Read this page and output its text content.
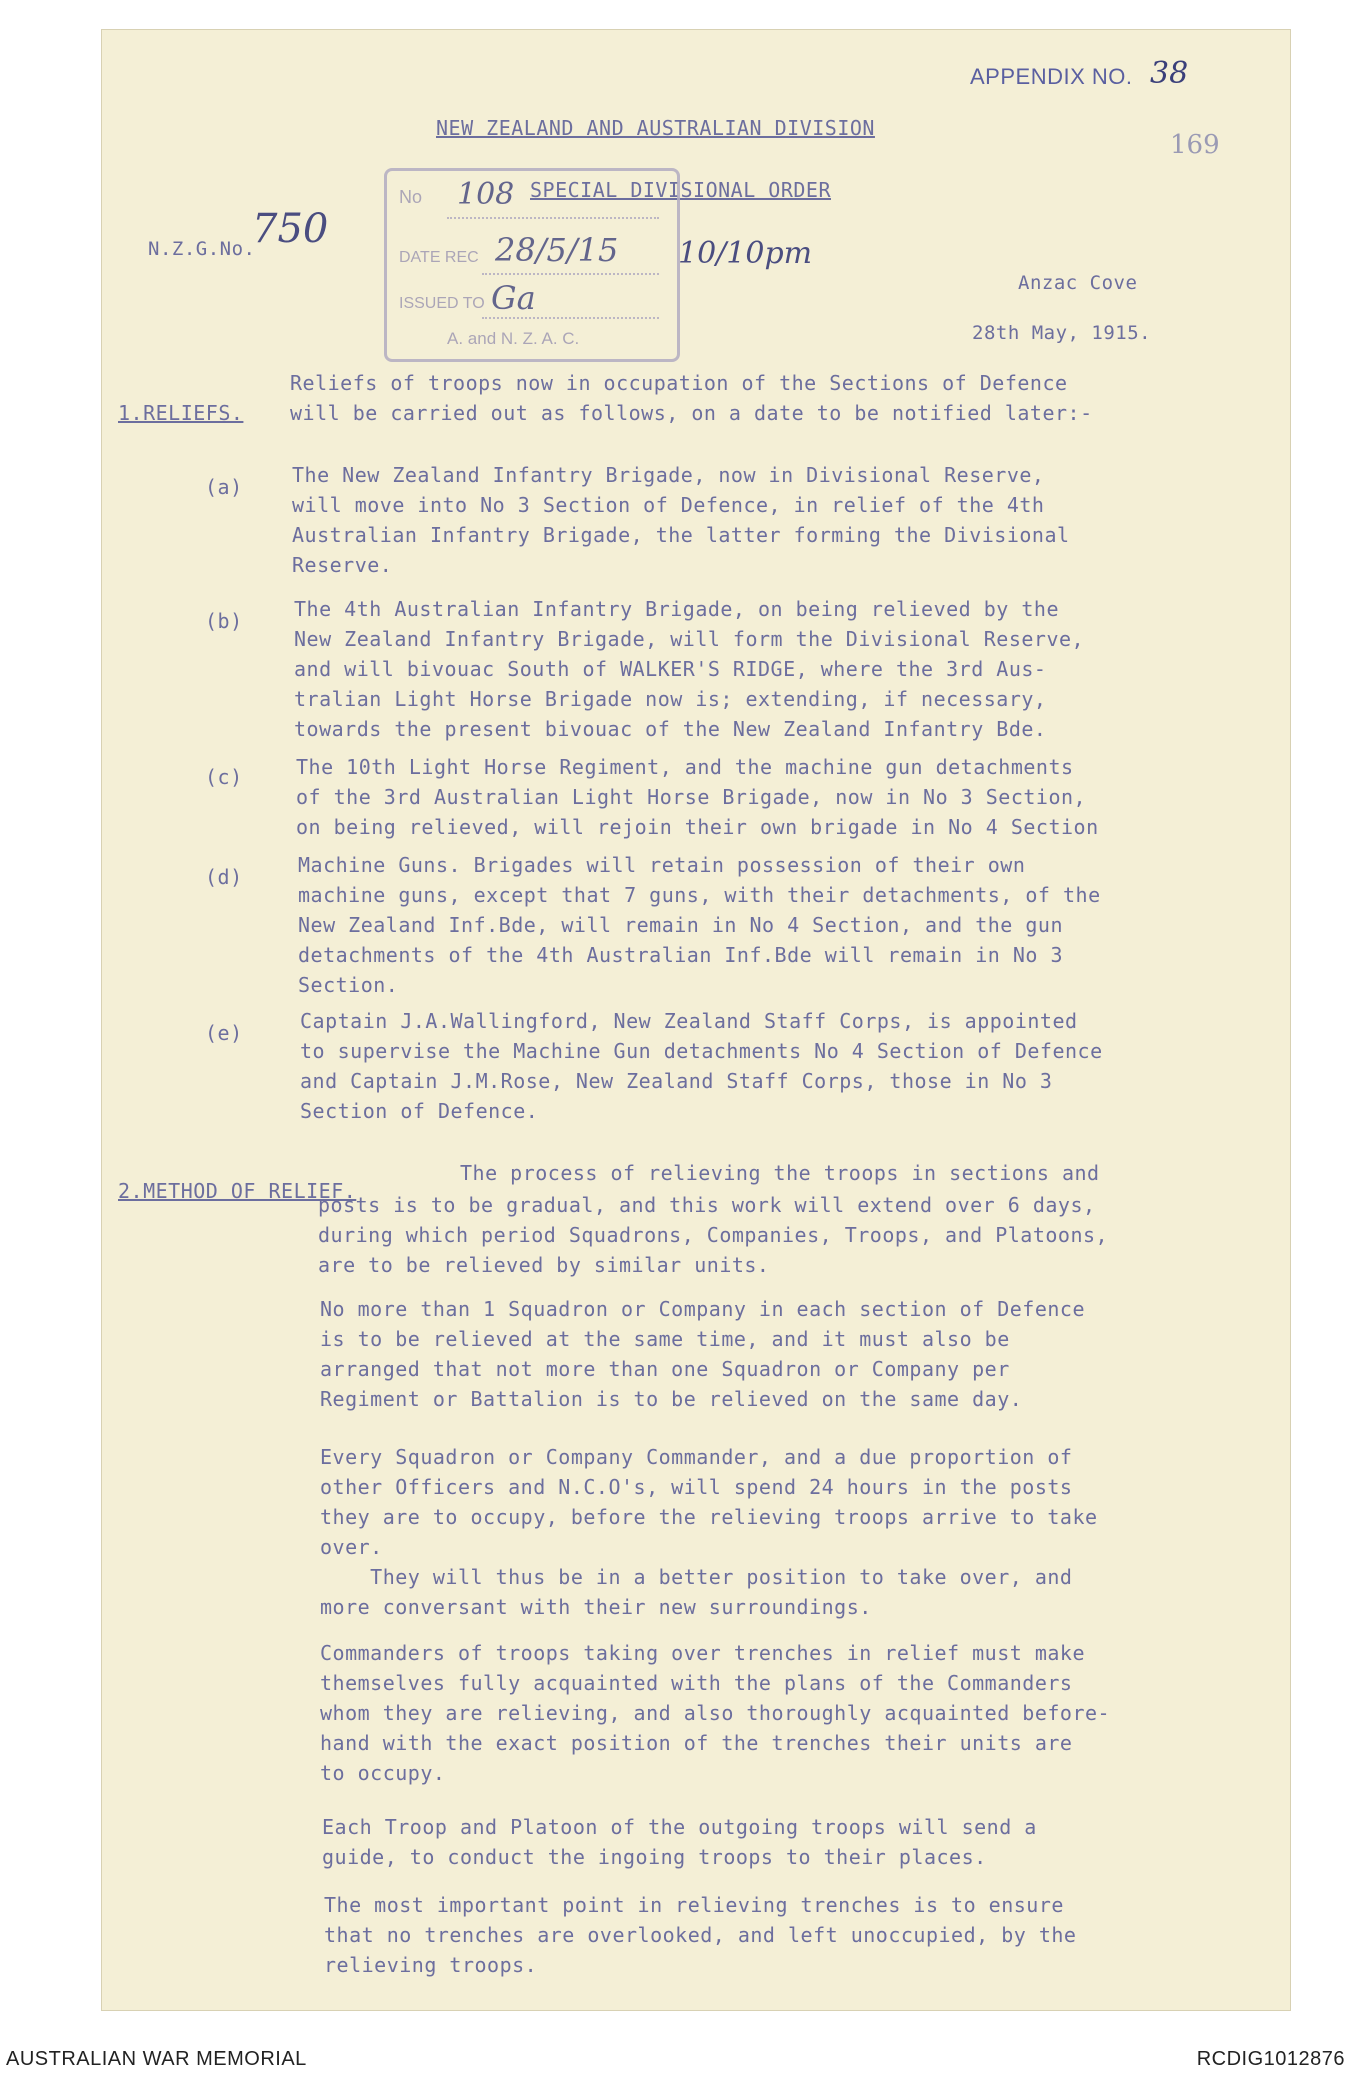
APPENDIX NO. 38
169
NEW ZEALAND AND AUSTRALIAN DIVISION
SPECIAL DIVISIONAL ORDER
N.Z.G.No.
750
10/10pm
Anzac Cove
28th May, 1915.
No 108
DATE REC 28/5/15
ISSUED TO Ga
A. and N. Z. A. C.
1.RELIEFS.
Reliefs of troops now in occupation of the Sections of Defence
will be carried out as follows, on a date to be notified later:-
(a) The New Zealand Infantry Brigade, now in Divisional Reserve,
will move into No 3 Section of Defence, in relief of the 4th
Australian Infantry Brigade, the latter forming the Divisional
Reserve.
(b)	The 4th Australian Infantry Brigade, on being relieved by the
New Zealand Infantry Brigade, will form the Divisional Reserve,
and will bivouac South of WALKER'S RIDGE, where the 3rd Aus-
tralian Light Horse Brigade now is; extending, if necessary,
towards the present bivouac of the New Zealand Infantry Bde.
(c)	The 10th Light Horse Regiment, and the machine gun detachments
of the 3rd Australian Light Horse Brigade, now in No 3 Section,
on being relieved, will rejoin their own brigade in No 4 Section
(d)	Machine Guns. Brigades will retain possession of their own
machine guns, except that 7 guns, with their detachments, of the
New Zealand Inf.Bde, will remain in No 4 Section, and the gun
detachments of the 4th Australian Inf.Bde will remain in No 3
Section.
(e)	Captain J.A.Wallingford, New Zealand Staff Corps, is appointed
to supervise the Machine Gun detachments No 4 Section of Defence
and Captain J.M.Rose, New Zealand Staff Corps, those in No 3
Section of Defence.
2.METHOD OF RELIEF.
The process of relieving the troops in sections and
posts is to be gradual, and this work will extend over 6 days,
during which period Squadrons, Companies, Troops, and Platoons,
are to be relieved by similar units.
No more than 1 Squadron or Company in each section of Defence
is to be relieved at the same time, and it must also be
arranged that not more than one Squadron or Company per
Regiment or Battalion is to be relieved on the same day.
Every Squadron or Company Commander, and a due proportion of
other Officers and N.C.O's, will spend 24 hours in the posts
they are to occupy, before the relieving troops arrive to take
over.
They will thus be in a better position to take over, and
more conversant with their new surroundings.
Commanders of troops taking over trenches in relief must make
themselves fully acquainted with the plans of the Commanders
whom they are relieving, and also thoroughly acquainted before-
hand with the exact position of the trenches their units are
to occupy.
Each Troop and Platoon of the outgoing troops will send a
guide, to conduct the ingoing troops to their places.
The most important point in relieving trenches is to ensure
that no trenches are overlooked, and left unoccupied, by the
relieving troops.
AUSTRALIAN WAR MEMORIAL	RCDIG1012876
